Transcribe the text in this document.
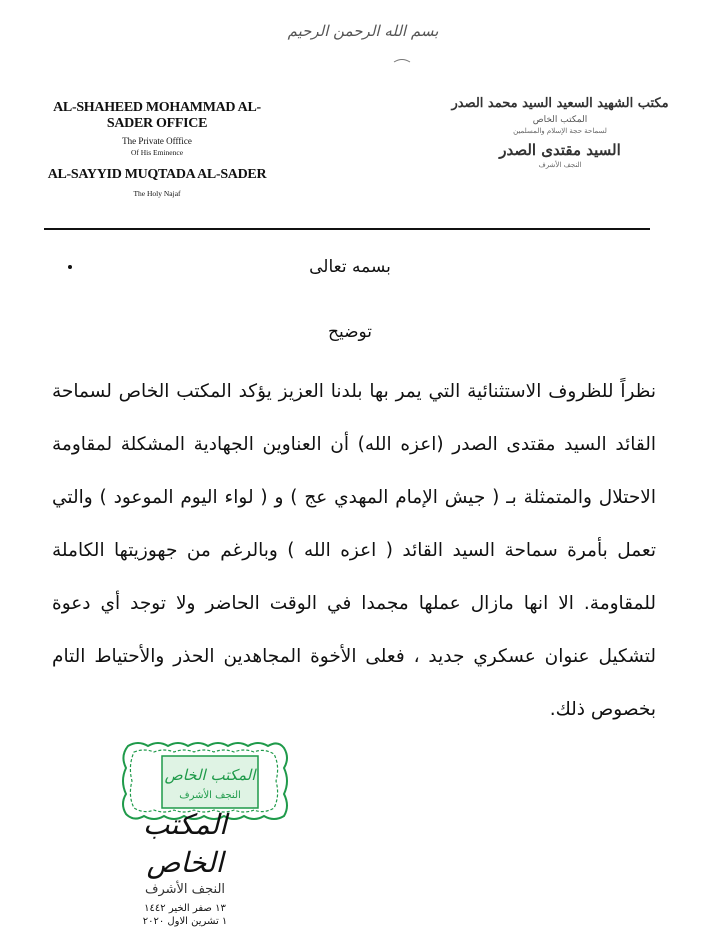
بسم الله الرحمن الرحيم
AL-SHAHEED MOHAMMAD AL-SADER OFFICE
The Private Offfice
Of His Eminence
AL-SAYYID MUQTADA AL-SADER
The Holy Najaf
مكتب الشهيد السعيد السيد محمد الصدر
المكتب الخاص
لسماحة حجة الإسلام والمسلمين
السيد مقتدى الصدر
النجف الأشرف
بسمه تعالى
توضيح
نظراً للظروف الاستثنائية التي يمر بها بلدنا العزيز يؤكد المكتب الخاص لسماحة
القائد السيد مقتدى الصدر (اعزه الله) أن العناوين الجهادية المشكلة لمقاومة
الاحتلال والمتمثلة بـ ( جيش الإمام المهدي عج ) و ( لواء اليوم الموعود ) والتي
تعمل بأمرة سماحة السيد القائد ( اعزه الله ) وبالرغم من جهوزيتها الكاملة
للمقاومة. الا انها مازال عملها مجمدا في الوقت الحاضر ولا توجد أي دعوة
لتشكيل عنوان عسكري جديد ، فعلى الأخوة المجاهدين الحذر والأحتياط التام
بخصوص ذلك.
المكتب الخاص
النجف الأشرف
المكتب الخاص
النجف الأشرف
١٣ صفر الخير ١٤٤٢
١ تشرين الاول ٢٠٢٠
